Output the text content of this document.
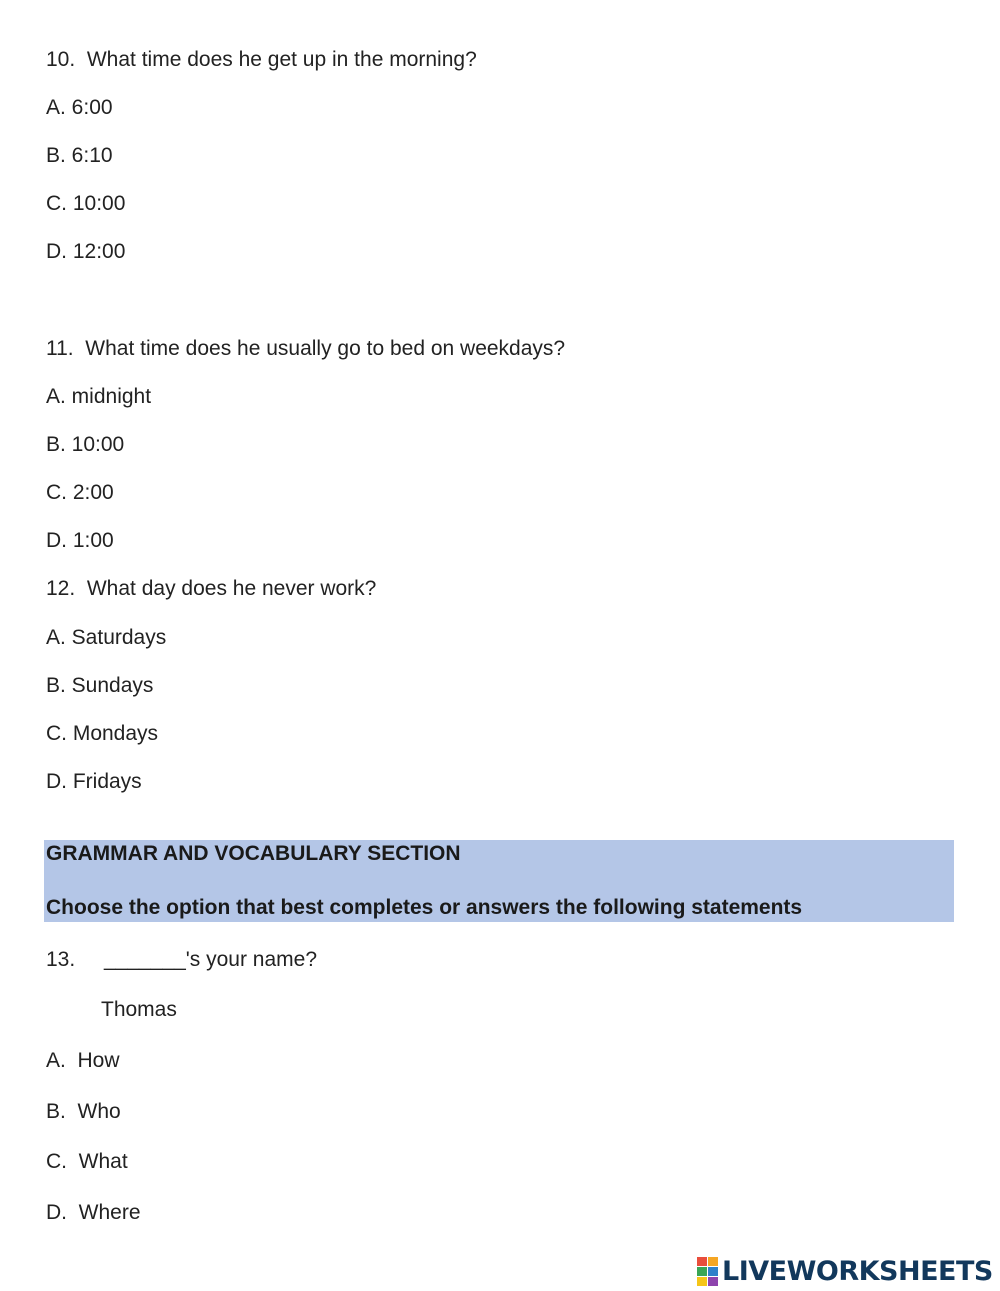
10.  What time does he get up in the morning?
A. 6:00
B. 6:10
C. 10:00
D. 12:00
11.  What time does he usually go to bed on weekdays?
A. midnight
B. 10:00
C. 2:00
D. 1:00
12.  What day does he never work?
A. Saturdays
B. Sundays
C. Mondays
D. Fridays
GRAMMAR AND VOCABULARY SECTION
Choose the option that best completes or answers the following statements
13. _______'s your name?
Thomas
A.  How
B.  Who
C.  What
D.  Where
LIVEWORKSHEETS
